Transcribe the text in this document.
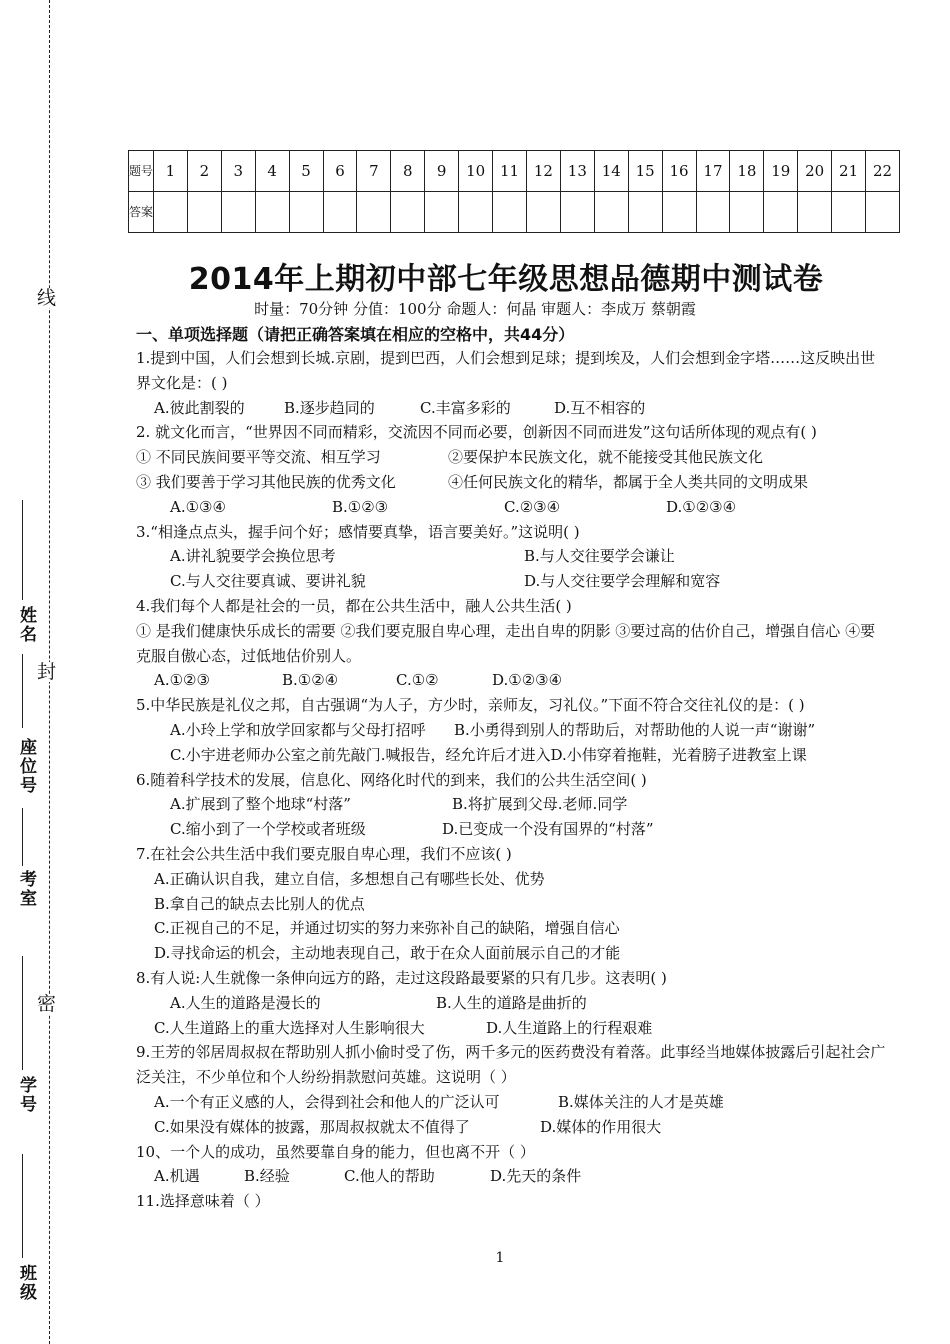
线
封
密
姓名
座位号
考室
学号
班级
题号	1	2	3	4	5	6	7	8	9	10	11	12	13	14	15	16	17	18	19	20	21	22
答案																						
2014年上期初中部七年级思想品德期中测试卷
时量：70分钟 分值：100分 命题人：何晶 审题人：李成万 蔡朝霞
一、单项选择题（请把正确答案填在相应的空格中，共44分）

1.提到中国，人们会想到长城.京剧，提到巴西，人们会想到足球；提到埃及，人们会想到金字塔……这反映出世界文化是：( )

A.彼此割裂的	B.逐步趋同的	C.丰富多彩的	D.互不相容的

2. 就文化而言，“世界因不同而精彩，交流因不同而必要，创新因不同而进发”这句话所体现的观点有( )

① 不同民族间要平等交流、相互学习	②要保护本民族文化，就不能接受其他民族文化

③ 我们要善于学习其他民族的优秀文化	④任何民族文化的精华，都属于全人类共同的文明成果

A.①③④	B.①②③	C.②③④	D.①②③④

3.“相逢点点头，握手问个好；感情要真挚，语言要美好。”这说明( )

A.讲礼貌要学会换位思考	B.与人交往要学会谦让

C.与人交往要真诚、要讲礼貌	D.与人交往要学会理解和宽容

4.我们每个人都是社会的一员，都在公共生活中，融人公共生活( )

① 是我们健康快乐成长的需要 ②我们要克服自卑心理，走出自卑的阴影 ③要过高的估价自己，增强自信心 ④要克服自傲心态，过低地估价别人。

A.①②③	B.①②④	C.①②	D.①②③④

5.中华民族是礼仪之邦，自古强调“为人子，方少时，亲师友，习礼仪。”下面不符合交往礼仪的是：( )

A.小玲上学和放学回家都与父母打招呼 B.小勇得到别人的帮助后，对帮助他的人说一声“谢谢”

C.小宇进老师办公室之前先敲门.喊报告，经允许后才进入D.小伟穿着拖鞋，光着膀子进教室上课

6.随着科学技术的发展，信息化、网络化时代的到来，我们的公共生活空间( )

A.扩展到了整个地球“村落”	B.将扩展到父母.老师.同学

C.缩小到了一个学校或者班级	D.已变成一个没有国界的“村落”

7.在社会公共生活中我们要克服自卑心理，我们不应该( )

A.正确认识自我，建立自信，多想想自己有哪些长处、优势

B.拿自己的缺点去比别人的优点

C.正视自己的不足，并通过切实的努力来弥补自己的缺陷，增强自信心

D.寻找命运的机会，主动地表现自己，敢于在众人面前展示自己的才能

8.有人说:人生就像一条伸向远方的路，走过这段路最要紧的只有几步。这表明( )

A.人生的道路是漫长的	B.人生的道路是曲折的

C.人生道路上的重大选择对人生影响很大	D.人生道路上的行程艰难

9.王芳的邻居周叔叔在帮助别人抓小偷时受了伤，两千多元的医药费没有着落。此事经当地媒体披露后引起社会广泛关注，不少单位和个人纷纷捐款慰问英雄。这说明（ ）

A.一个有正义感的人，会得到社会和他人的广泛认可	B.媒体关注的人才是英雄

C.如果没有媒体的披露，那周叔叔就太不值得了	D.媒体的作用很大

10、一个人的成功，虽然要靠自身的能力，但也离不开（ ）

A.机遇	B.经验	C.他人的帮助	D.先天的条件

11.选择意味着（ ）

1
